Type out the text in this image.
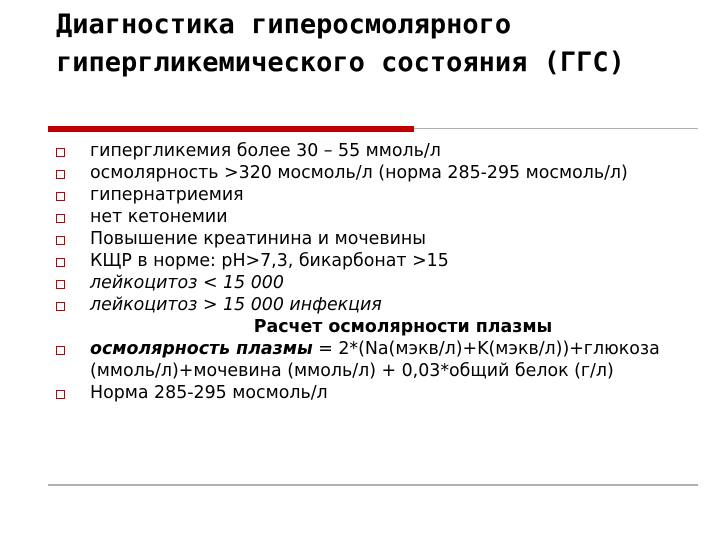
Диагностика гиперосмолярного гипергликемического состояния (ГГС)
гипергликемия более 30 – 55 ммоль/л
осмолярность >320 мосмоль/л (норма 285-295 мосмоль/л)
гипернатриемия
нет кетонемии
Повышение креатинина и мочевины
КЩР в норме: рН>7,3, бикарбонат >15
лейкоцитоз < 15 000
лейкоцитоз > 15 000 инфекция
Расчет осмолярности плазмы
осмолярность плазмы = 2*(Na(мэкв/л)+K(мэкв/л))+глюкоза (ммоль/л)+мочевина (ммоль/л) + 0,03*общий белок (г/л)
Норма 285-295 мосмоль/л
